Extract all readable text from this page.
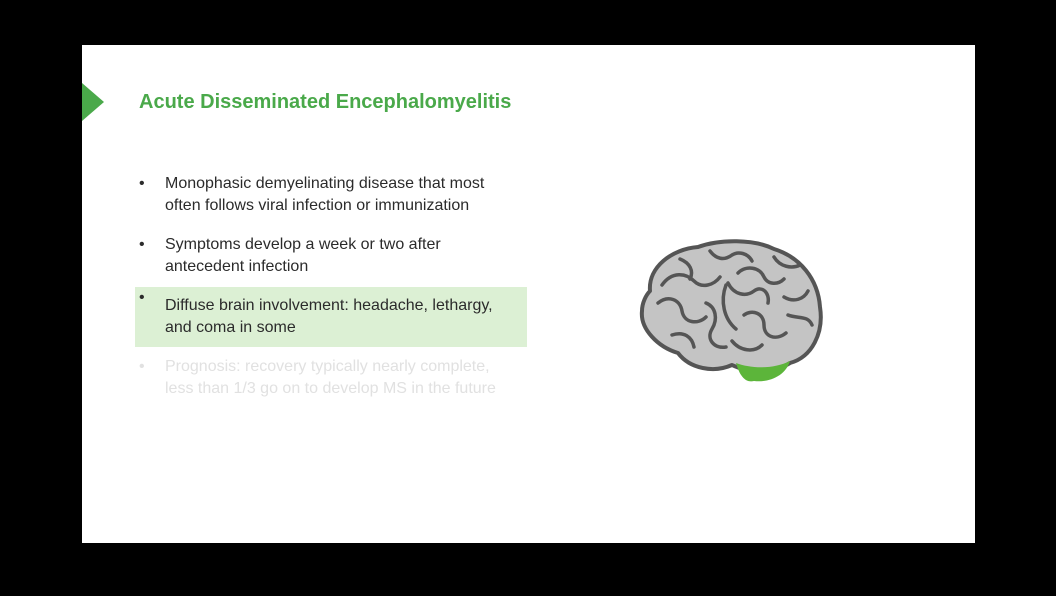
Acute Disseminated Encephalomyelitis
• Monophasic demyelinating disease that most often follows viral infection or immunization
• Symptoms develop a week or two after antecedent infection
• Diffuse brain involvement: headache, lethargy, and coma in some
• Prognosis: recovery typically nearly complete, less than 1/3 go on to develop MS in the future
